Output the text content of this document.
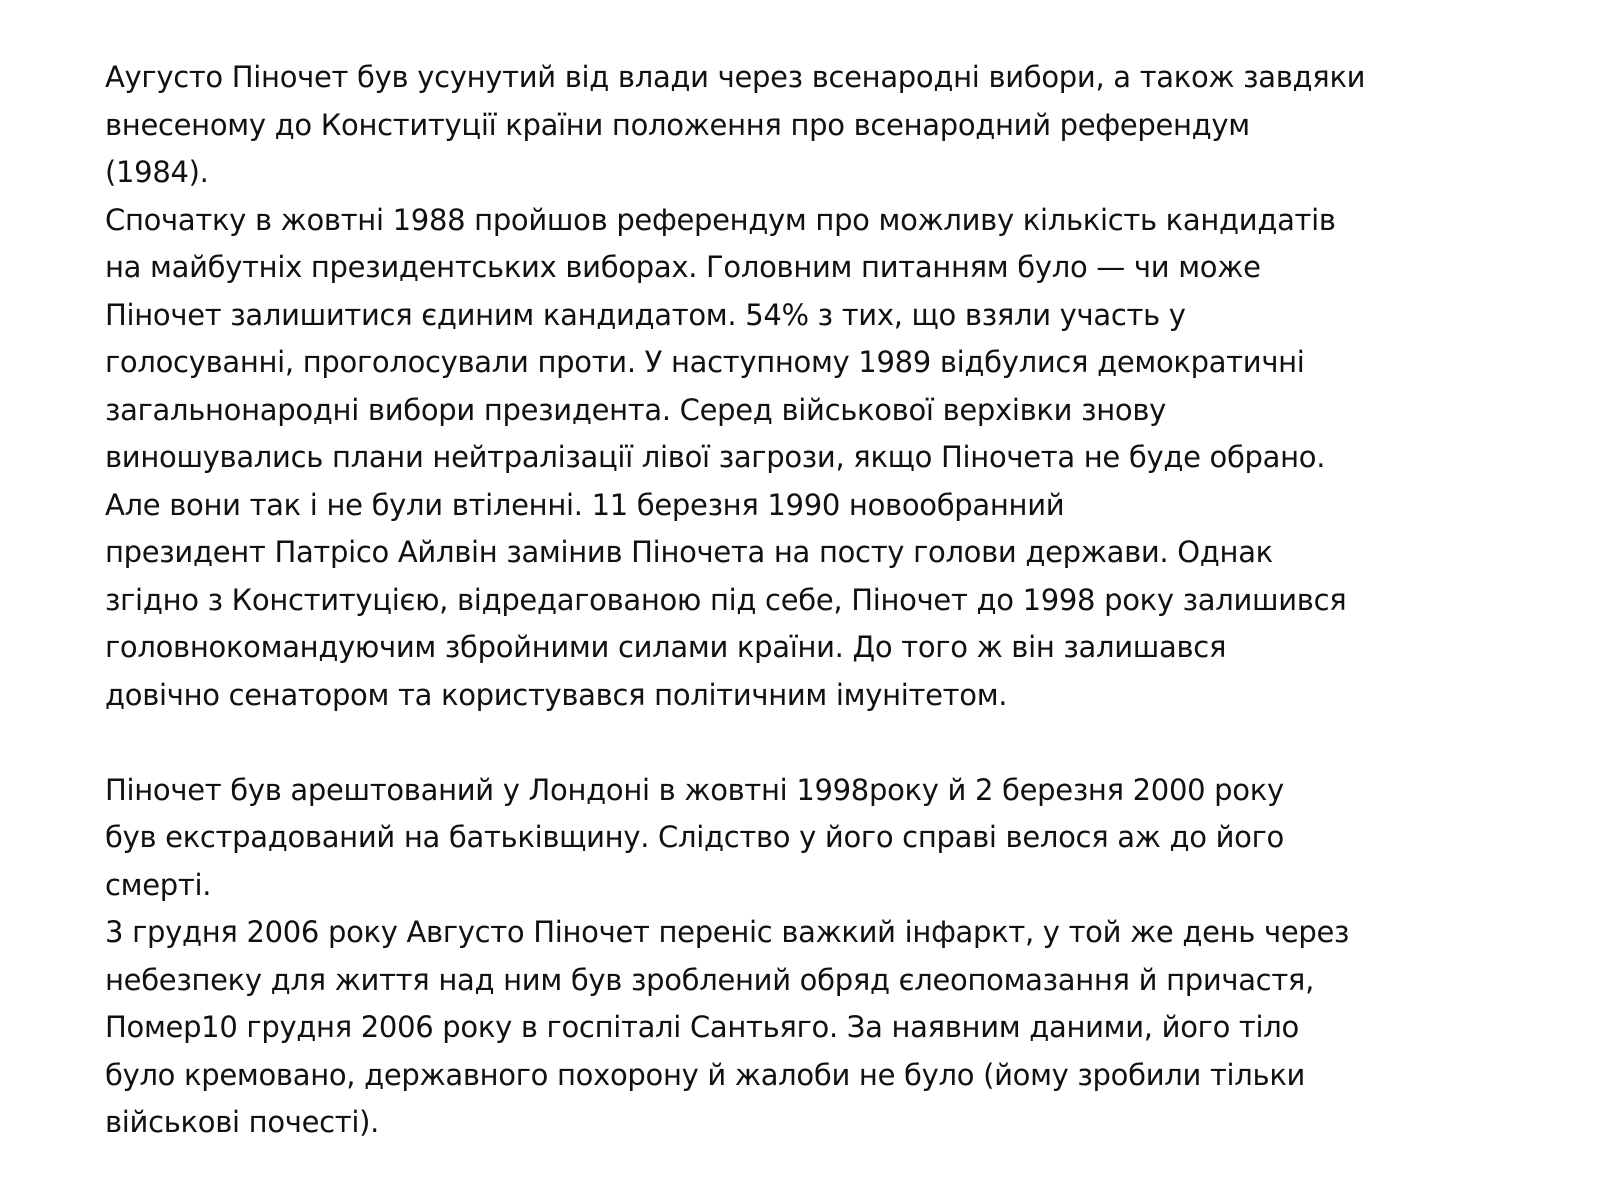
Аугусто Піночет був усунутий від влади через всенародні вибори, а також завдяки
внесеному до Конституції країни положення про всенародний референдум
(1984).
Спочатку в жовтні 1988 пройшов референдум про можливу кількість кандидатів
на майбутніх президентських виборах. Головним питанням було — чи може
Піночет залишитися єдиним кандидатом. 54% з тих, що взяли участь у
голосуванні, проголосували проти. У наступному 1989 відбулися демократичні
загальнонародні вибори президента. Серед військової верхівки знову
виношувались плани нейтралізації лівої загрози, якщо Піночета не буде обрано.
Але вони так і не були втіленні. 11 березня 1990 новообранний
президент Патрісо Айлвін замінив Піночета на посту голови держави. Однак
згідно з Конституцією, відредагованою під себе, Піночет до 1998 року залишився
головнокомандуючим збройними силами країни. До того ж він залишався
довічно сенатором та користувався політичним імунітетом.
Піночет був арештований у Лондоні в жовтні 1998року й 2 березня 2000 року
був екстрадований на батьківщину. Слідство у його справі велося аж до його
смерті.
3 грудня 2006 року Августо Піночет переніс важкий інфаркт, у той же день через
небезпеку для життя над ним був зроблений обряд єлеопомазання й причастя,
Помер10 грудня 2006 року в госпіталі Сантьяго. За наявним даними, його тіло
було кремовано, державного похорону й жалоби не було (йому зробили тільки
військові почесті).
